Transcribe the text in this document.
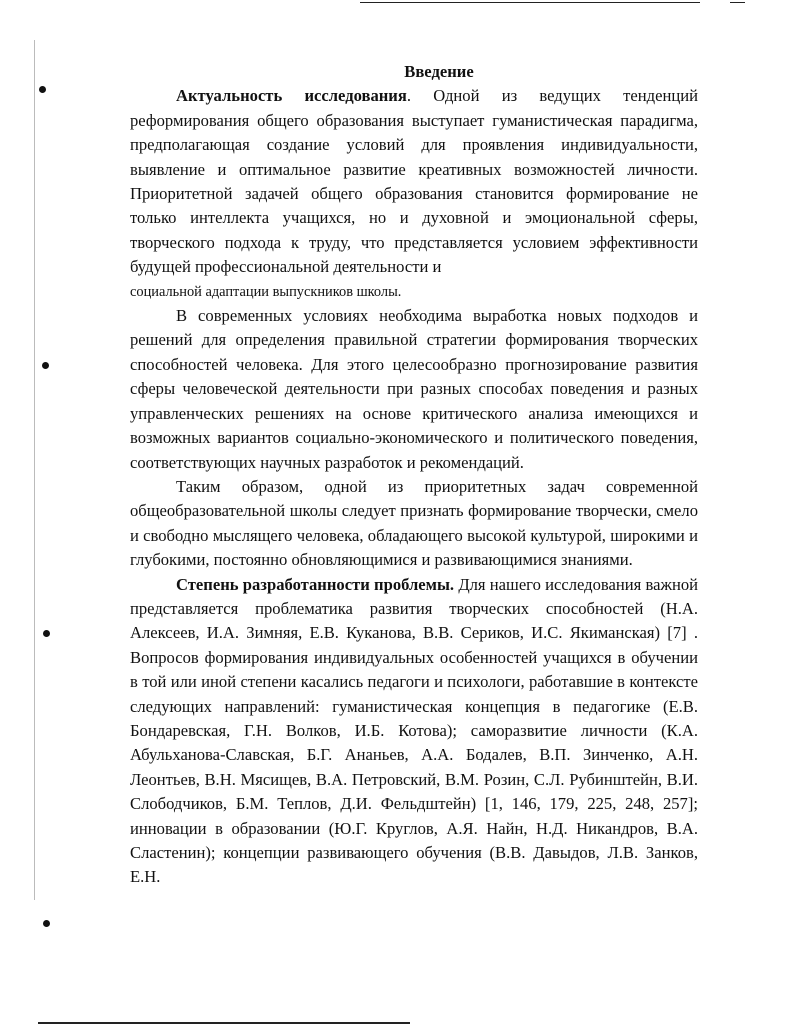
Введение

Актуальность исследования. Одной из ведущих тенденций реформирования общего образования выступает гуманистическая парадигма, предполагающая создание условий для проявления индивидуальности, выявление и оптимальное развитие креативных возможностей личности. Приоритетной задачей общего образования становится формирование не только интеллекта учащихся, но и духовной и эмоциональной сферы, творческого подхода к труду, что представляется условием эффективности будущей профессиональной деятельности и

социальной адаптации выпускников школы.

В современных условиях необходима выработка новых подходов и решений для определения правильной стратегии формирования творческих способностей человека. Для этого целесообразно прогнозирование развития сферы человеческой деятельности при разных способах поведения и разных управленческих решениях на основе критического анализа имеющихся и возможных вариантов социально-экономического и политического поведения, соответствующих научных разработок и рекомендаций.

Таким образом, одной из приоритетных задач современной общеобразовательной школы следует признать формирование творчески, смело и свободно мыслящего человека, обладающего высокой культурой, широкими и глубокими, постоянно обновляющимися и развивающимися знаниями.

Степень разработанности проблемы. Для нашего исследования важной представляется проблематика развития творческих способностей (Н.А. Алексеев, И.А. Зимняя, Е.В. Куканова, В.В. Сериков, И.С. Якиманская) [7] . Вопросов формирования индивидуальных особенностей учащихся в обучении в той или иной степени касались педагоги и психологи, работавшие в контексте следующих направлений: гуманистическая концепция в педагогике (Е.В. Бондаревская, Г.Н. Волков, И.Б. Котова); саморазвитие личности (К.А. Абульханова-Славская, Б.Г. Ананьев, А.А. Бодалев, В.П. Зинченко, А.Н. Леонтьев, В.Н. Мясищев, В.А. Петровский, В.М. Розин, С.Л. Рубинштейн, В.И. Слободчиков, Б.М. Теплов, Д.И. Фельдштейн) [1, 146, 179, 225, 248, 257]; инновации в образовании (Ю.Г. Круглов, А.Я. Найн, Н.Д. Никандров, В.А. Сластенин); концепции развивающего обучения (В.В. Давыдов, Л.В. Занков, Е.Н.
